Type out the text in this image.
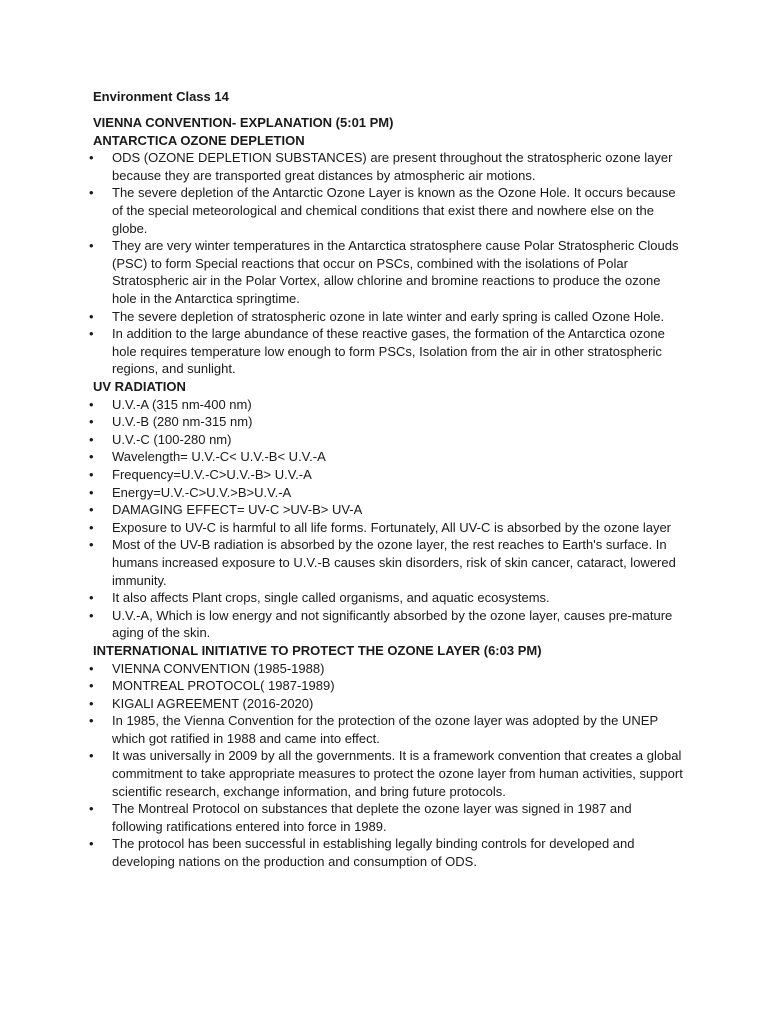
Environment Class 14
VIENNA CONVENTION- EXPLANATION (5:01 PM)
ANTARCTICA OZONE DEPLETION
• ODS (OZONE DEPLETION SUBSTANCES) are present throughout the stratospheric ozone layer because they are transported great distances by atmospheric air motions.
• The severe depletion of the Antarctic Ozone Layer is known as the Ozone Hole. It occurs because of the special meteorological and chemical conditions that exist there and nowhere else on the globe.
• They are very winter temperatures in the Antarctica stratosphere cause Polar Stratospheric Clouds (PSC) to form Special reactions that occur on PSCs, combined with the isolations of Polar Stratospheric air in the Polar Vortex, allow chlorine and bromine reactions to produce the ozone hole in the Antarctica springtime.
• The severe depletion of stratospheric ozone in late winter and early spring is called Ozone Hole.
• In addition to the large abundance of these reactive gases, the formation of the Antarctica ozone hole requires temperature low enough to form PSCs, Isolation from the air in other stratospheric regions, and sunlight.
UV RADIATION
• U.V.-A (315 nm-400 nm)
• U.V.-B (280 nm-315 nm)
• U.V.-C (100-280 nm)
• Wavelength= U.V.-C< U.V.-B< U.V.-A
• Frequency=U.V.-C>U.V.-B> U.V.-A
• Energy=U.V.-C>U.V.>B>U.V.-A
• DAMAGING EFFECT= UV-C >UV-B> UV-A
• Exposure to UV-C is harmful to all life forms. Fortunately, All UV-C is absorbed by the ozone layer
• Most of the UV-B radiation is absorbed by the ozone layer, the rest reaches to Earth's surface. In humans increased exposure to U.V.-B causes skin disorders, risk of skin cancer, cataract, lowered immunity.
• It also affects Plant crops, single called organisms, and aquatic ecosystems.
• U.V.-A, Which is low energy and not significantly absorbed by the ozone layer, causes pre-mature aging of the skin.
INTERNATIONAL INITIATIVE TO PROTECT THE OZONE LAYER (6:03 PM)
• VIENNA CONVENTION (1985-1988)
• MONTREAL PROTOCOL( 1987-1989)
• KIGALI AGREEMENT (2016-2020)
• In 1985, the Vienna Convention for the protection of the ozone layer was adopted by the UNEP which got ratified in 1988 and came into effect.
• It was universally in 2009 by all the governments. It is a framework convention that creates a global commitment to take appropriate measures to protect the ozone layer from human activities, support scientific research, exchange information, and bring future protocols.
• The Montreal Protocol on substances that deplete the ozone layer was signed in 1987 and following ratifications entered into force in 1989.
• The protocol has been successful in establishing legally binding controls for developed and developing nations on the production and consumption of ODS.
